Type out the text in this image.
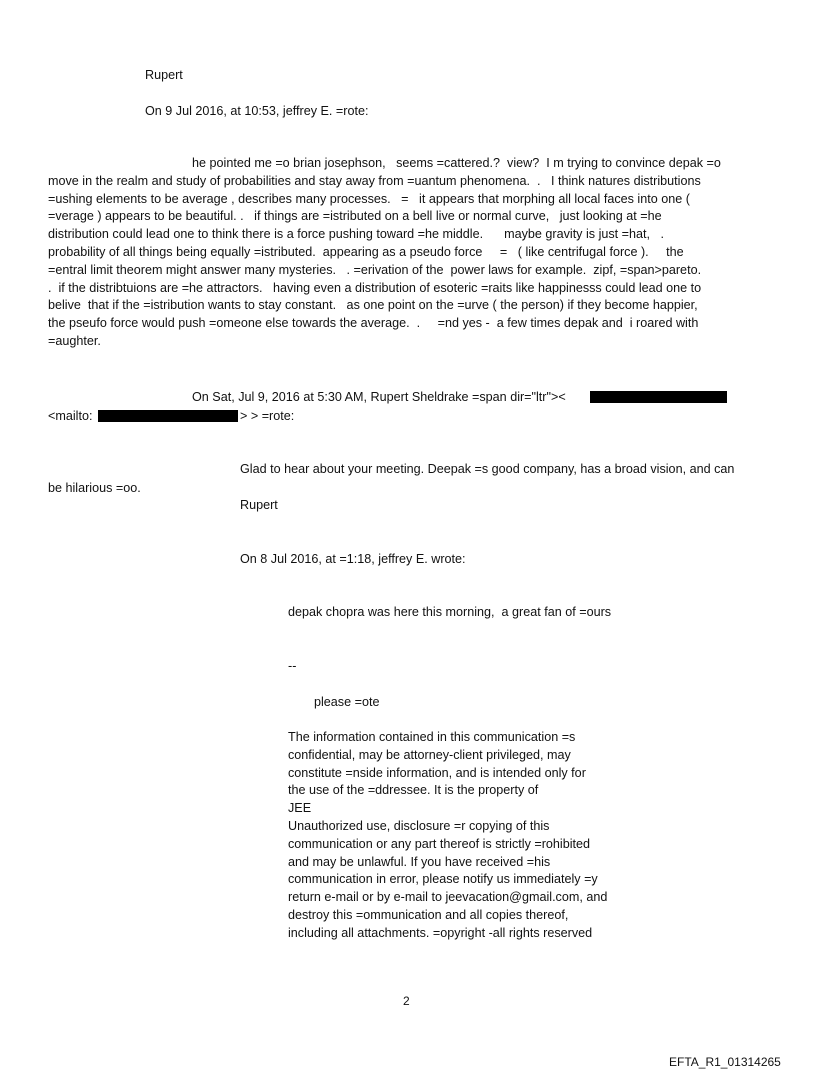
Rupert
On 9 Jul 2016, at 10:53, jeffrey E. =rote:
he pointed me =o brian josephson,   seems =cattered.?  view?  I m trying to convince depak =o
move in the realm and study of probabilities and stay away from =uantum phenomena.  .   I think natures distributions
=ushing elements to be average , describes many processes.   =   it appears that morphing all local faces into one (
=verage ) appears to be beautiful. .   if things are =istributed on a bell live or normal curve,   just looking at =he
distribution could lead one to think there is a force pushing toward =he middle.      maybe gravity is just =hat,   .
probability of all things being equally =istributed.  appearing as a pseudo force     =   ( like centrifugal force ).     the
=entral limit theorem might answer many mysteries.   . =erivation of the  power laws for example.  zipf, =span>pareto.
.  if the distribtuions are =he attractors.   having even a distribution of esoteric =raits like happinesss could lead one to
belive  that if the =istribution wants to stay constant.   as one point on the =urve ( the person) if they become happier,
the pseufo force would push =omeone else towards the average.  .     =nd yes -  a few times depak and  i roared with
=aughter.
On Sat, Jul 9, 2016 at 5:30 AM, Rupert Sheldrake =span dir="ltr"><
<mailto:	> > =rote:
Glad to hear about your meeting. Deepak =s good company, has a broad vision, and can
be hilarious =oo.
Rupert
On 8 Jul 2016, at =1:18, jeffrey E. wrote:
depak chopra was here this morning,  a great fan of =ours
--
please =ote
The information contained in this communication =s
confidential, may be attorney-client privileged, may
constitute =nside information, and is intended only for
the use of the =ddressee. It is the property of
JEE
Unauthorized use, disclosure =r copying of this
communication or any part thereof is strictly =rohibited
and may be unlawful. If you have received =his
communication in error, please notify us immediately =y
return e-mail or by e-mail to jeevacation@gmail.com, and
destroy this =ommunication and all copies thereof,
including all attachments. =opyright -all rights reserved
2
EFTA_R1_01314265
